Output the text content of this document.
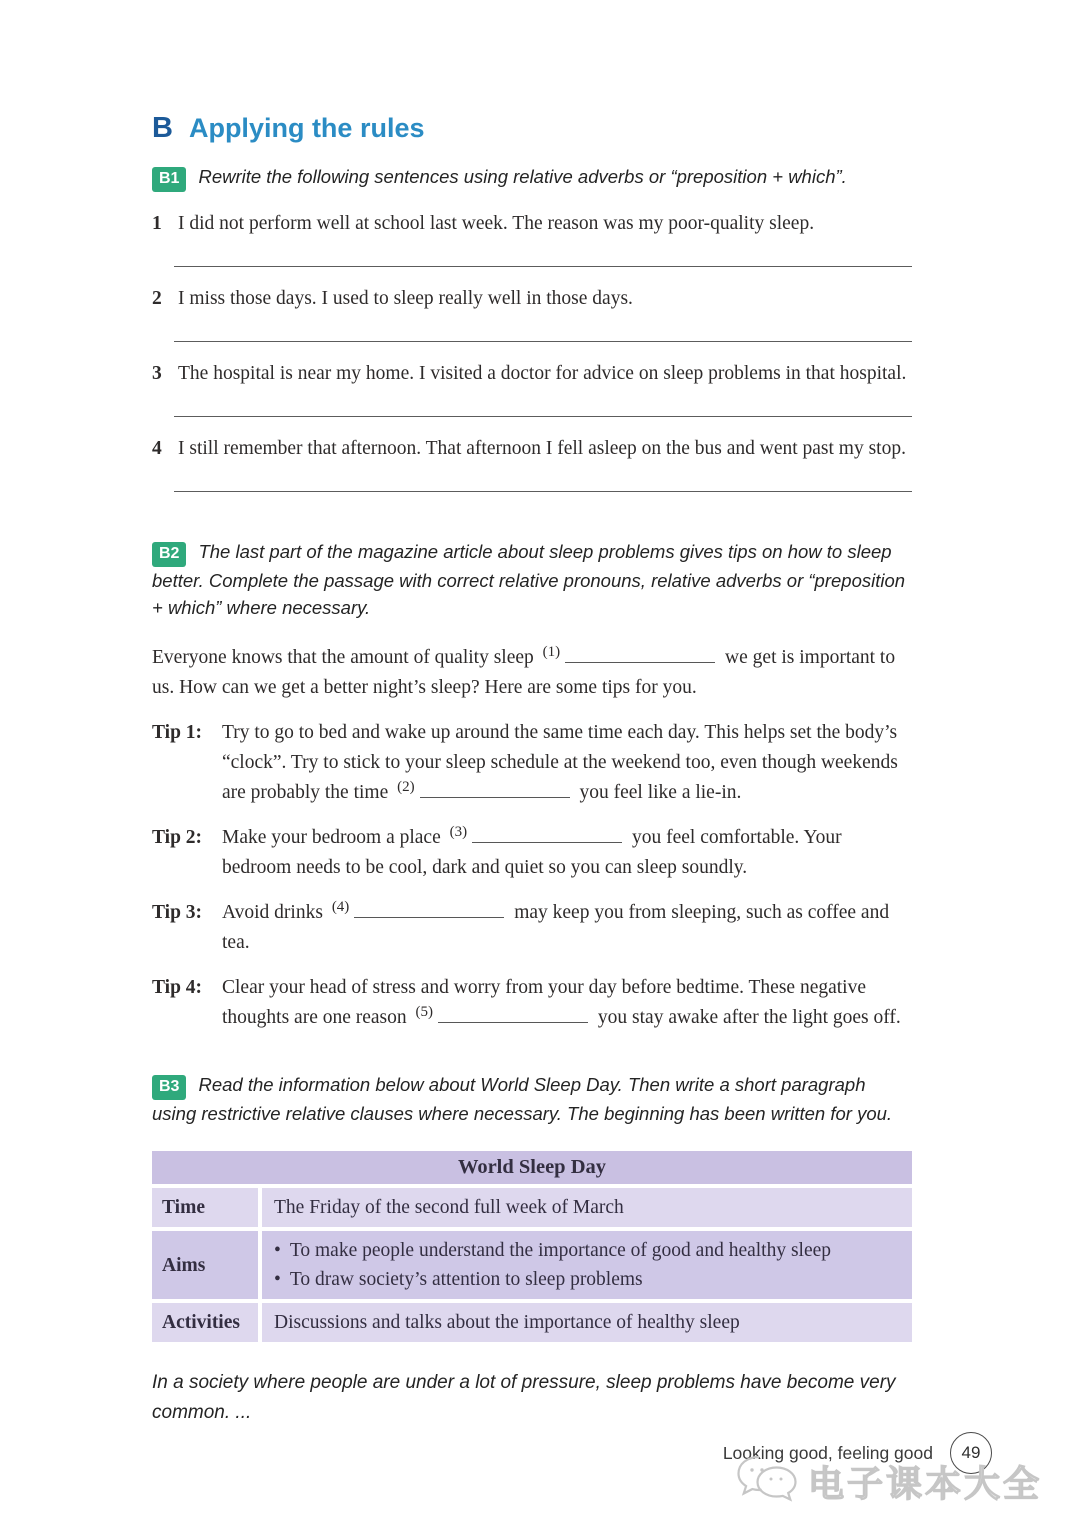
B Applying the rules

B1 Rewrite the following sentences using relative adverbs or “preposition + which”.

1 I did not perform well at school last week. The reason was my poor-quality sleep.
2 I miss those days. I used to sleep really well in those days.
3 The hospital is near my home. I visited a doctor for advice on sleep problems in that hospital.
4 I still remember that afternoon. That afternoon I fell asleep on the bus and went past my stop.

B2 The last part of the magazine article about sleep problems gives tips on how to sleep better. Complete the passage with correct relative pronouns, relative adverbs or “preposition + which” where necessary.

Everyone knows that the amount of quality sleep $^{(1)}$	we get is important to us. How can we get a better night’s sleep? Here are some tips for you.

Tip 1:	Try to go to bed and wake up around the same time each day. This helps set the body’s “clock”. Try to stick to your sleep schedule at the weekend too, even though weekends are probably the time $^{(2)}$	you feel like a lie-in.
Tip 2:	Make your bedroom a place $^{(3)}$	you feel comfortable. Your bedroom needs to be cool, dark and quiet so you can sleep soundly.
Tip 3:	Avoid drinks $^{(4)}$	may keep you from sleeping, such as coffee and tea.
Tip 4:	Clear your head of stress and worry from your day before bedtime. These negative thoughts are one reason $^{(5)}$	you stay awake after the light goes off.

B3 Read the information below about World Sleep Day. Then write a short paragraph using restrictive relative clauses where necessary. The beginning has been written for you.

World Sleep Day
Time	The Friday of the second full week of March
Aims
• To make people understand the importance of good and healthy sleep
• To draw society’s attention to sleep problems
Activities	Discussions and talks about the importance of healthy sleep

In a society where people are under a lot of pressure, sleep problems have become very common. ...

Looking good, feeling good	49
电子课本大全
